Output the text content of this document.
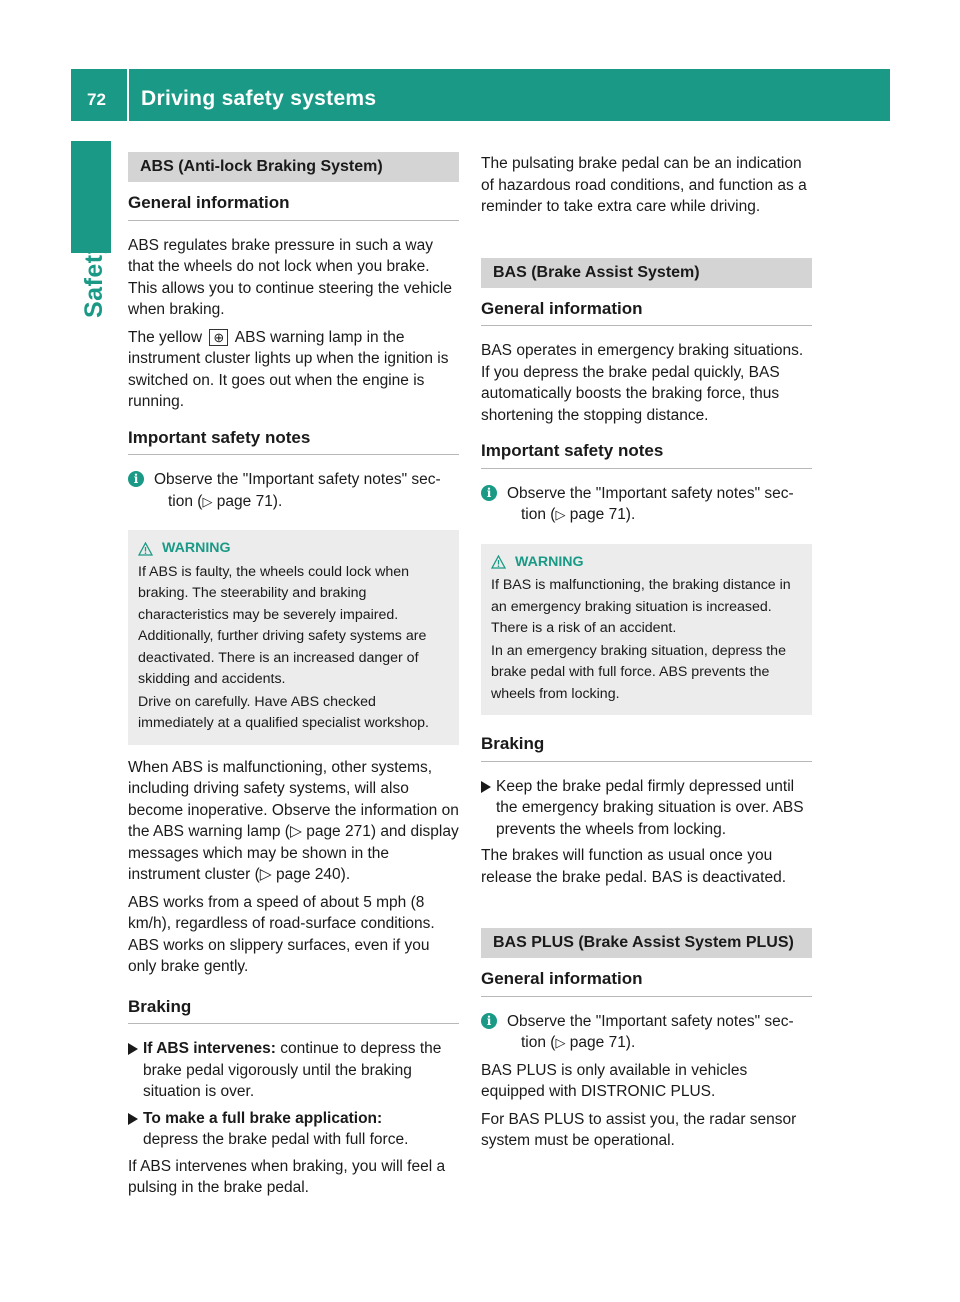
72 Driving safety systems
Safety
ABS (Anti-lock Braking System)
General information

ABS regulates brake pressure in such a way that the wheels do not lock when you brake. This allows you to continue steering the vehicle when braking.

The yellow ⊕ ABS warning lamp in the instrument cluster lights up when the ignition is switched on. It goes out when the engine is running.

Important safety notes
i	Observe the "Important safety notes" sec-
tion (▷ page 71).
WARNING

If ABS is faulty, the wheels could lock when braking. The steerability and braking characteristics may be severely impaired. Additionally, further driving safety systems are deactivated. There is an increased danger of skidding and accidents.

Drive on carefully. Have ABS checked immediately at a qualified specialist workshop.

When ABS is malfunctioning, other systems, including driving safety systems, will also become inoperative. Observe the information on the ABS warning lamp (▷ page 271) and display messages which may be shown in the instrument cluster (▷ page 240).

ABS works from a speed of about 5 mph (8 km/h), regardless of road-surface conditions. ABS works on slippery surfaces, even if you only brake gently.

Braking
If ABS intervenes: continue to depress the brake pedal vigorously until the braking situation is over.
To make a full brake application:
depress the brake pedal with full force.

If ABS intervenes when braking, you will feel a pulsing in the brake pedal.

The pulsating brake pedal can be an indication of hazardous road conditions, and function as a reminder to take extra care while driving.

BAS (Brake Assist System)
General information

BAS operates in emergency braking situations. If you depress the brake pedal quickly, BAS automatically boosts the braking force, thus shortening the stopping distance.

Important safety notes
i	Observe the "Important safety notes" sec-
tion (▷ page 71).
WARNING

If BAS is malfunctioning, the braking distance in an emergency braking situation is increased. There is a risk of an accident.

In an emergency braking situation, depress the brake pedal with full force. ABS prevents the wheels from locking.

Braking
Keep the brake pedal firmly depressed until the emergency braking situation is over. ABS prevents the wheels from locking.

The brakes will function as usual once you release the brake pedal. BAS is deactivated.

BAS PLUS (Brake Assist System PLUS)
General information
i	Observe the "Important safety notes" sec-
tion (▷ page 71).

BAS PLUS is only available in vehicles equipped with DISTRONIC PLUS.

For BAS PLUS to assist you, the radar sensor system must be operational.
